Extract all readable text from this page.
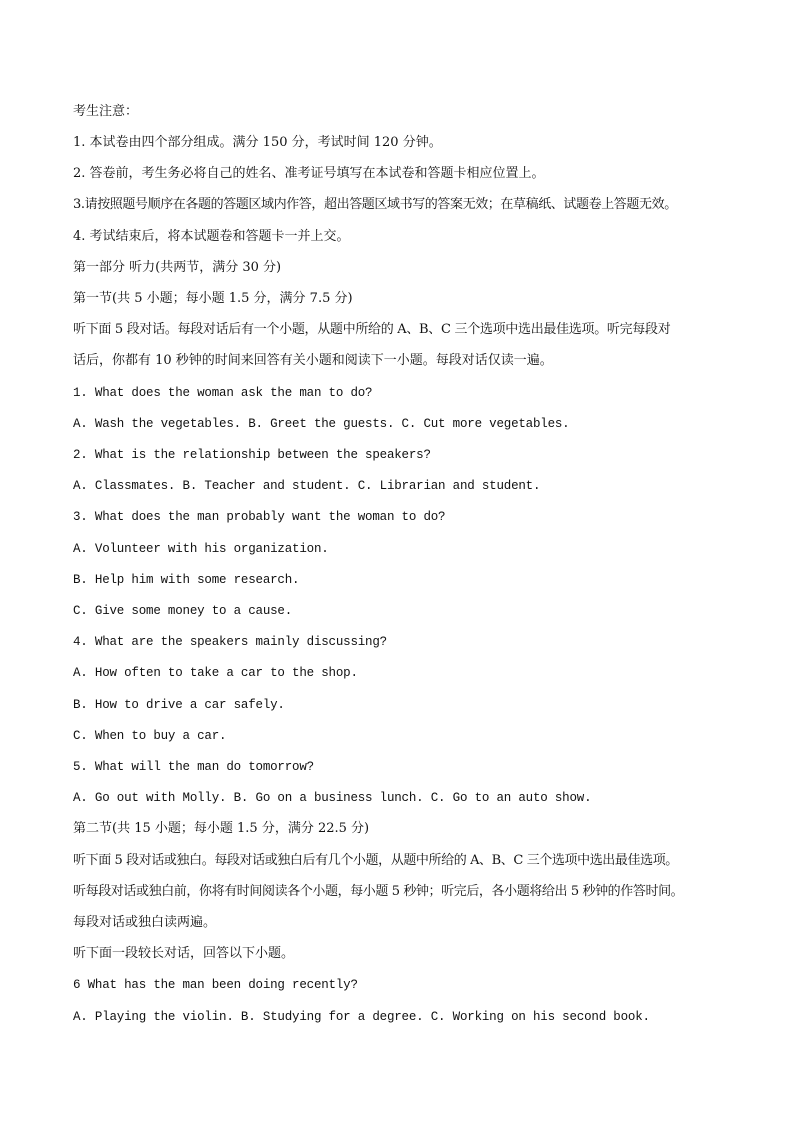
考生注意：

1. 本试卷由四个部分组成。满分 150 分，考试时间 120 分钟。

2. 答卷前，考生务必将自己的姓名、准考证号填写在本试卷和答题卡相应位置上。

3.请按照题号顺序在各题的答题区域内作答，超出答题区域书写的答案无效；在草稿纸、试题卷上答题无效。

4. 考试结束后，将本试题卷和答题卡一并上交。

第一部分 听力(共两节，满分 30 分)

第一节(共 5 小题；每小题 1.5 分，满分 7.5 分)

听下面 5 段对话。每段对话后有一个小题，从题中所给的 A、B、C 三个选项中选出最佳选项。听完每段对

话后，你都有 10 秒钟的时间来回答有关小题和阅读下一小题。每段对话仅读一遍。

1. What does the woman ask the man to do?

A. Wash the vegetables. B. Greet the guests. C. Cut more vegetables.

2. What is the relationship between the speakers?

A. Classmates. B. Teacher and student. C. Librarian and student.

3. What does the man probably want the woman to do?

A. Volunteer with his organization.

B. Help him with some research.

C. Give some money to a cause.

4. What are the speakers mainly discussing?

A. How often to take a car to the shop.

B. How to drive a car safely.

C. When to buy a car.

5. What will the man do tomorrow?

A. Go out with Molly. B. Go on a business lunch. C. Go to an auto show.

第二节(共 15 小题；每小题 1.5 分，满分 22.5 分)

听下面 5 段对话或独白。每段对话或独白后有几个小题，从题中所给的 A、B、C 三个选项中选出最佳选项。

听每段对话或独白前，你将有时间阅读各个小题，每小题 5 秒钟；听完后，各小题将给出 5 秒钟的作答时间。

每段对话或独白读两遍。

听下面一段较长对话，回答以下小题。

6 What has the man been doing recently?

A. Playing the violin. B. Studying for a degree. C. Working on his second book.
